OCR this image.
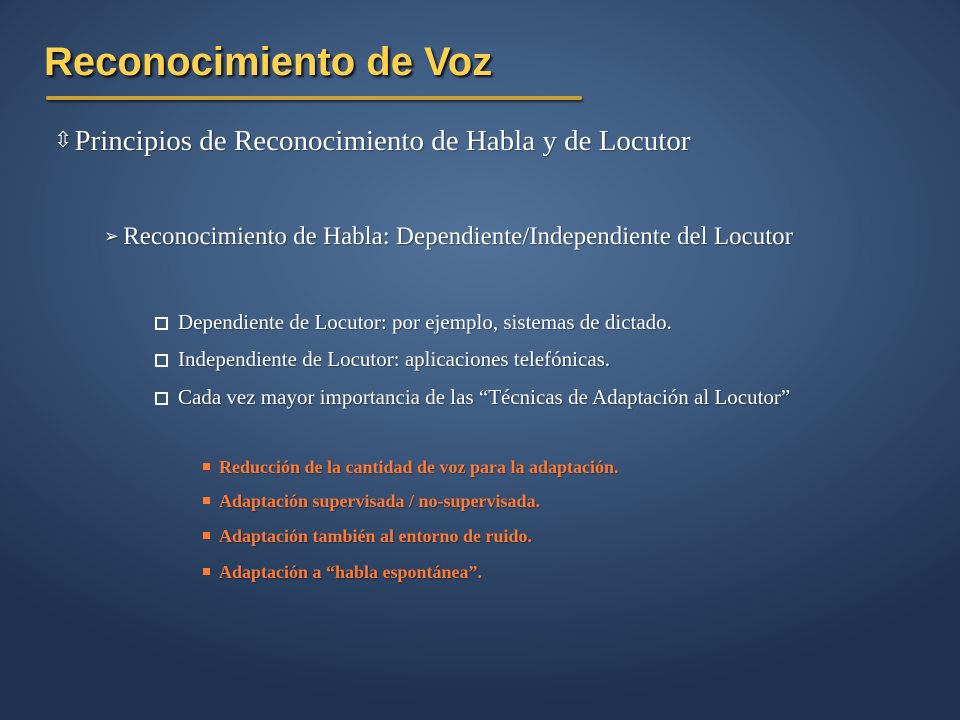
Reconocimiento de Voz
⇳Principios de Reconocimiento de Habla y de Locutor
➢ Reconocimiento de Habla: Dependiente/Independiente del Locutor
Dependiente de Locutor: por ejemplo, sistemas de dictado.
Independiente de Locutor: aplicaciones telefónicas.
Cada vez mayor importancia de las “Técnicas de Adaptación al Locutor”
Reducción de la cantidad de voz para la adaptación.
Adaptación supervisada / no-supervisada.
Adaptación también al entorno de ruido.
Adaptación a “habla espontánea”.
